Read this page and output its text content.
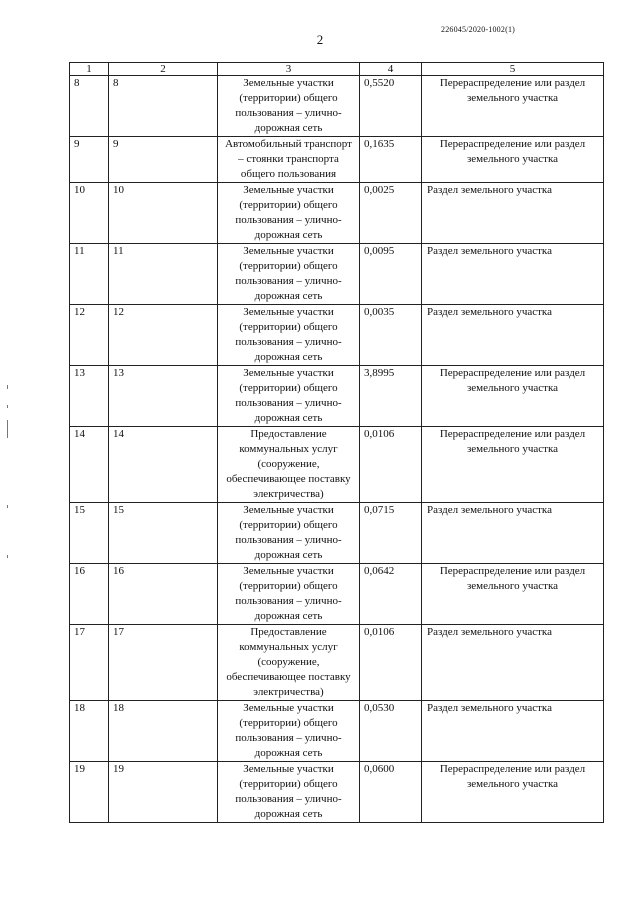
226045/2020-1002(1)
2
1	2	3	4	5
8	8	Земельные участки (территории) общего пользования – улично-дорожная сеть	0,5520	Перераспределение или раздел земельного участка
9	9	Автомобильный транспорт – стоянки транспорта общего пользования	0,1635	Перераспределение или раздел земельного участка
10	10	Земельные участки (территории) общего пользования – улично-дорожная сеть	0,0025	Раздел земельного участка
11	11	Земельные участки (территории) общего пользования – улично-дорожная сеть	0,0095	Раздел земельного участка
12	12	Земельные участки (территории) общего пользования – улично-дорожная сеть	0,0035	Раздел земельного участка
13	13	Земельные участки (территории) общего пользования – улично-дорожная сеть	3,8995	Перераспределение или раздел земельного участка
14	14	Предоставление коммунальных услуг (сооружение, обеспечивающее поставку электричества)	0,0106	Перераспределение или раздел земельного участка
15	15	Земельные участки (территории) общего пользования – улично-дорожная сеть	0,0715	Раздел земельного участка
16	16	Земельные участки (территории) общего пользования – улично-дорожная сеть	0,0642	Перераспределение или раздел земельного участка
17	17	Предоставление коммунальных услуг (сооружение, обеспечивающее поставку электричества)	0,0106	Раздел земельного участка
18	18	Земельные участки (территории) общего пользования – улично-дорожная сеть	0,0530	Раздел земельного участка
19	19	Земельные участки (территории) общего пользования – улично-дорожная сеть	0,0600	Перераспределение или раздел земельного участка
